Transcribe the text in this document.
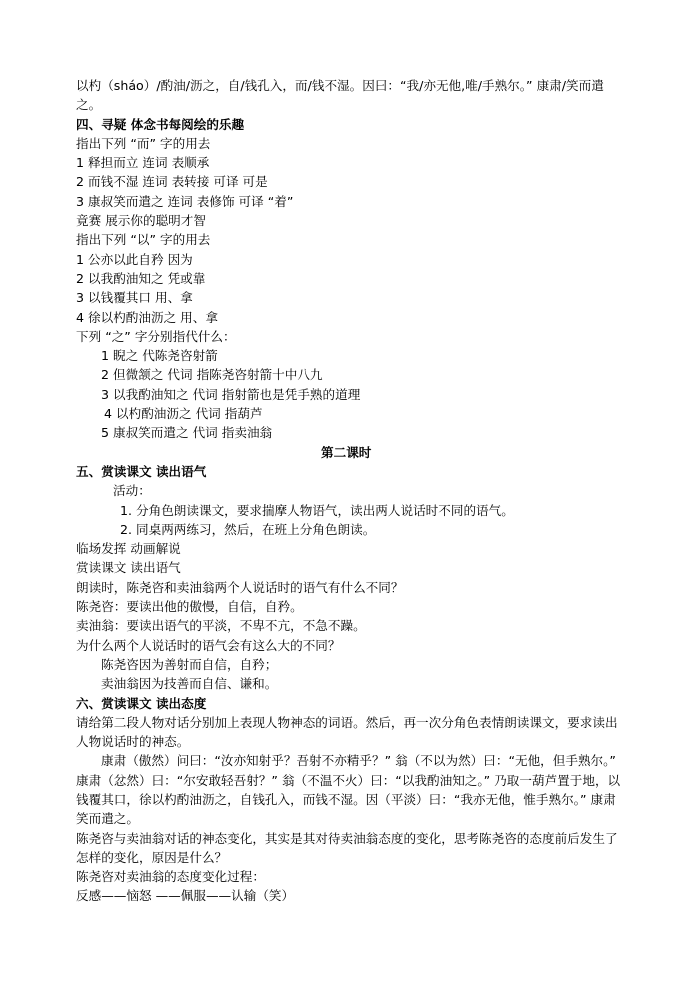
以杓（sháo）/酌油/沥之，自/钱孔入，而/钱不湿。因曰：“我/亦无他,唯/手熟尔。” 康肃/笑而遣之。
四、寻疑 体念书每阅绘的乐趣
指出下列 “而” 字的用去
1 释担而立 连词 表顺承
2 而钱不湿 连词 表转接 可译 可是
3 康叔笑而遣之 连词 表修饰 可译 “着”
竟赛 展示你的聪明才智
指出下列 “以” 字的用去
1 公亦以此自矜 因为
2 以我酌油知之 凭或靠
3 以钱覆其口 用、拿
4 徐以杓酌油沥之 用、拿
下列 “之” 字分别指代什么：
1 睨之 代陈尧咨射箭
2 但微颔之 代词 指陈尧咨射箭十中八九
3 以我酌油知之 代词 指射箭也是凭手熟的道理
4 以杓酌油沥之 代词 指葫芦
5 康叔笑而遣之 代词 指卖油翁
第二课时
五、赏读课文 读出语气
活动：
1. 分角色朗读课文，要求揣摩人物语气，读出两人说话时不同的语气。
2. 同桌两两练习，然后，在班上分角色朗读。
临场发挥 动画解说
赏读课文 读出语气
朗读时，陈尧咨和卖油翁两个人说话时的语气有什么不同？
陈尧咨：要读出他的傲慢，自信，自矜。
卖油翁：要读出语气的平淡，不卑不亢，不急不躁。
为什么两个人说话时的语气会有这么大的不同？
陈尧咨因为善射而自信，自矜；
卖油翁因为技善而自信、谦和。
六、赏读课文 读出态度
请给第二段人物对话分别加上表现人物神态的词语。然后，再一次分角色表情朗读课文，要求读出人物说话时的神态。
康肃（傲然）问曰：“汝亦知射乎？吾射不亦精乎？” 翁（不以为然）曰：“无他，但手熟尔。” 康肃（忿然）曰：“尔安敢轻吾射？” 翁（不温不火）曰：“以我酌油知之。” 乃取一葫芦置于地，以钱覆其口，徐以杓酌油沥之，自钱孔入，而钱不湿。因（平淡）曰：“我亦无他，惟手熟尔。” 康肃笑而遣之。
陈尧咨与卖油翁对话的神态变化，其实是其对待卖油翁态度的变化，思考陈尧咨的态度前后发生了怎样的变化，原因是什么？
陈尧咨对卖油翁的态度变化过程：
反感——恼怒 ——佩服——认输（笑）
